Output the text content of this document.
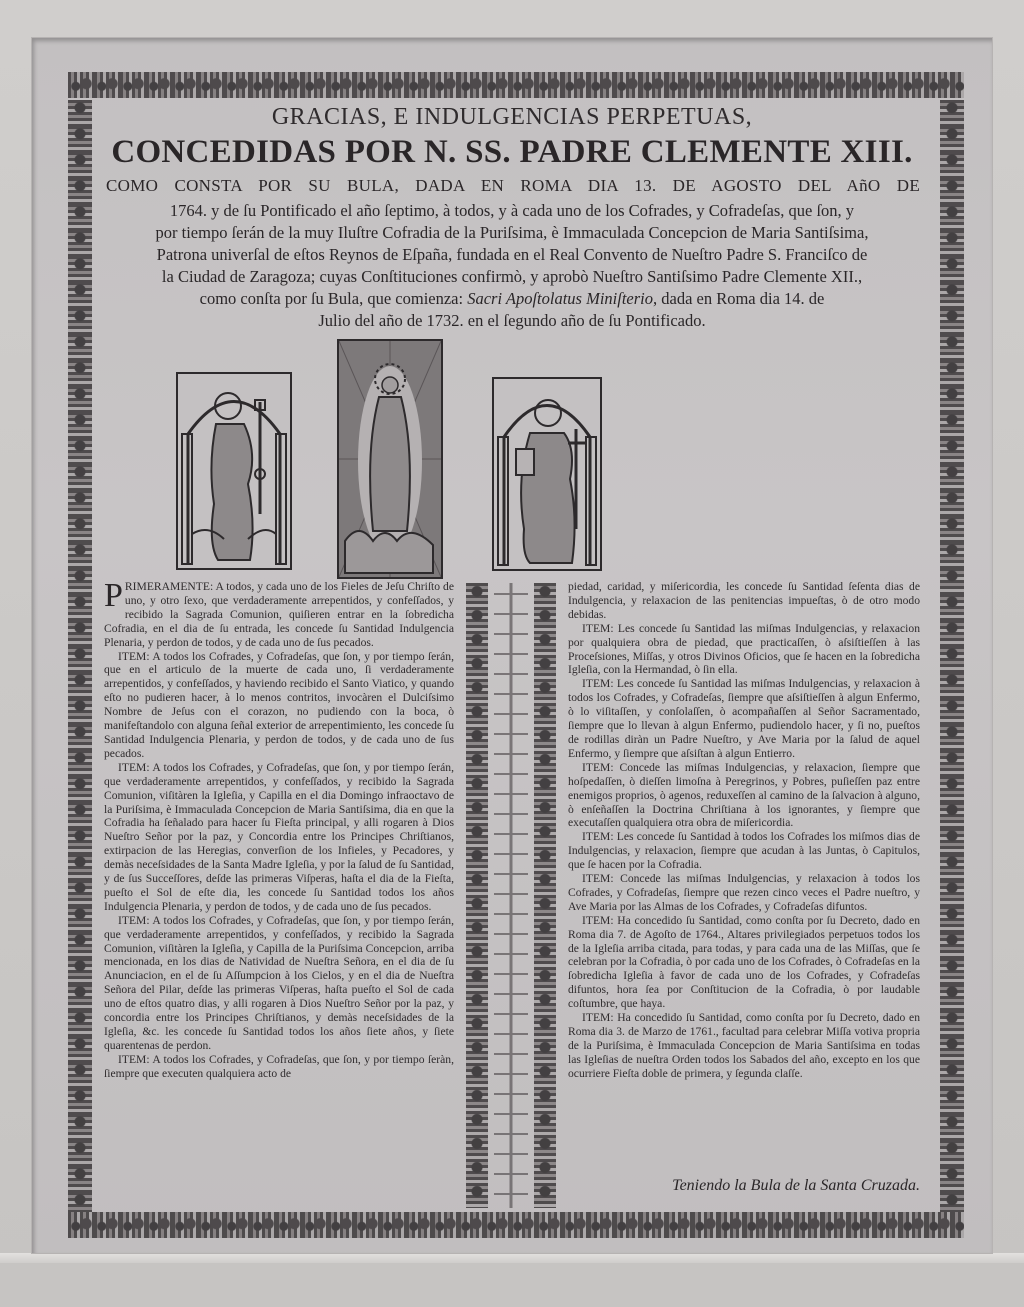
GRACIAS, E INDULGENCIAS PERPETUAS,
CONCEDIDAS POR N. SS. PADRE CLEMENTE XIII.
COMO CONSTA POR SU BULA, DADA EN ROMA DIA 13. DE AGOSTO DEL AñO DE
1764. y de ſu Pontificado el año ſeptimo, à todos, y à cada uno de los Cofrades, y Cofradeſas, que ſon, y
por tiempo ſerán de la muy Iluſtre Cofradia de la Puriſsima, è Immaculada Concepcion de Maria Santiſsima,
Patrona univerſal de eſtos Reynos de Eſpaña, fundada en el Real Convento de Nueſtro Padre S. Franciſco de
la Ciudad de Zaragoza; cuyas Conſtituciones confirmò, y aprobò Nueſtro Santiſsimo Padre Clemente XII.,
como conſta por ſu Bula, que comienza: Sacri Apoſtolatus Miniſterio, dada en Roma dia 14. de
Julio del año de 1732. en el ſegundo año de ſu Pontificado.

PRIMERAMENTE: A todos, y cada uno de los Fieles de Jeſu Chriſto de uno, y otro ſexo, que verdaderamente arrepentidos, y confeſſados, y recibido la Sagrada Comunion, quiſieren entrar en la ſobredicha Cofradia, en el dia de ſu entrada, les concede ſu Santidad Indulgencia Plenaria, y perdon de todos, y de cada uno de ſus pecados.

ITEM: A todos los Cofrades, y Cofradeſas, que ſon, y por tiempo ſerán, que en el articulo de la muerte de cada uno, ſi verdaderamente arrepentidos, y confeſſados, y haviendo recibido el Santo Viatico, y quando eſto no pudieren hacer, à lo menos contritos, invocàren el Dulciſsimo Nombre de Jeſus con el corazon, no pudiendo con la boca, ò manifeſtandolo con alguna ſeñal exterior de arrepentimiento, les concede ſu Santidad Indulgencia Plenaria, y perdon de todos, y de cada uno de ſus pecados.

ITEM: A todos los Cofrades, y Cofradeſas, que ſon, y por tiempo ſerán, que verdaderamente arrepentidos, y confeſſados, y recibido la Sagrada Comunion, viſitàren la Igleſia, y Capilla en el dia Domingo infraoctavo de la Puriſsima, è Immaculada Concepcion de Maria Santiſsima, dia en que la Cofradia ha ſeñalado para hacer ſu Fieſta principal, y alli rogaren à Dios Nueſtro Señor por la paz, y Concordia entre los Principes Chriſtianos, extirpacion de las Heregias, converſion de los Infieles, y Pecadores, y demàs neceſsidades de la Santa Madre Igleſia, y por la ſalud de ſu Santidad, y de ſus Succeſſores, deſde las primeras Viſperas, haſta el dia de la Fieſta, pueſto el Sol de eſte dia, les concede ſu Santidad todos los años Indulgencia Plenaria, y perdon de todos, y de cada uno de ſus pecados.

ITEM: A todos los Cofrades, y Cofradeſas, que ſon, y por tiempo ſerán, que verdaderamente arrepentidos, y confeſſados, y recibido la Sagrada Comunion, viſitàren la Igleſia, y Capilla de la Puriſsima Concepcion, arriba mencionada, en los dias de Natividad de Nueſtra Señora, en el dia de ſu Anunciacion, en el de ſu Aſſumpcion à los Cielos, y en el dia de Nueſtra Señora del Pilar, deſde las primeras Viſperas, haſta pueſto el Sol de cada uno de eſtos quatro dias, y alli rogaren à Dios Nueſtro Señor por la paz, y concordia entre los Principes Chriſtianos, y demàs neceſsidades de la Igleſia, &c. les concede ſu Santidad todos los años ſiete años, y ſiete quarentenas de perdon.

ITEM: A todos los Cofrades, y Cofradeſas, que ſon, y por tiempo ſeràn, ſiempre que executen qualquiera acto de

piedad, caridad, y miſericordia, les concede ſu Santidad ſeſenta dias de Indulgencia, y relaxacion de las penitencias impueſtas, ò de otro modo debidas.

ITEM: Les concede ſu Santidad las miſmas Indulgencias, y relaxacion por qualquiera obra de piedad, que practicaſſen, ò aſsiſtieſſen à las Proceſsiones, Miſſas, y otros Divinos Oficios, que ſe hacen en la ſobredicha Igleſia, con la Hermandad, ò ſin ella.

ITEM: Les concede ſu Santidad las miſmas Indulgencias, y relaxacion à todos los Cofrades, y Cofradeſas, ſiempre que aſsiſtieſſen à algun Enfermo, ò lo viſitaſſen, y conſolaſſen, ò acompañaſſen al Señor Sacramentado, ſiempre que lo llevan à algun Enfermo, pudiendolo hacer, y ſi no, pueſtos de rodillas diràn un Padre Nueſtro, y Ave Maria por la ſalud de aquel Enfermo, y ſiempre que aſsiſtan à algun Entierro.

ITEM: Concede las miſmas Indulgencias, y relaxacion, ſiempre que hoſpedaſſen, ò dieſſen limoſna à Peregrinos, y Pobres, puſieſſen paz entre enemigos proprios, ò agenos, reduxeſſen al camino de la ſalvacion à alguno, ò enſeñaſſen la Doctrina Chriſtiana à los ignorantes, y ſiempre que executaſſen qualquiera otra obra de miſericordia.

ITEM: Les concede ſu Santidad à todos los Cofrades los miſmos dias de Indulgencias, y relaxacion, ſiempre que acudan à las Juntas, ò Capitulos, que ſe hacen por la Cofradia.

ITEM: Concede las miſmas Indulgencias, y relaxacion à todos los Cofrades, y Cofradeſas, ſiempre que rezen cinco veces el Padre nueſtro, y Ave Maria por las Almas de los Cofrades, y Cofradeſas difuntos.

ITEM: Ha concedido ſu Santidad, como conſta por ſu Decreto, dado en Roma dia 7. de Agoſto de 1764., Altares privilegiados perpetuos todos los de la Igleſia arriba citada, para todas, y para cada una de las Miſſas, que ſe celebran por la Cofradia, ò por cada uno de los Cofrades, ò Cofradeſas en la ſobredicha Igleſia à favor de cada uno de los Cofrades, y Cofradeſas difuntos, hora ſea por Conſtitucion de la Cofradia, ò por laudable coſtumbre, que haya.

ITEM: Ha concedido ſu Santidad, como conſta por ſu Decreto, dado en Roma dia 3. de Marzo de 1761., facultad para celebrar Miſſa votiva propria de la Puriſsima, è Immaculada Concepcion de Maria Santiſsima en todas las Igleſias de nueſtra Orden todos los Sabados del año, excepto en los que ocurriere Fieſta doble de primera, y ſegunda claſſe.

Teniendo la Bula de la Santa Cruzada.
